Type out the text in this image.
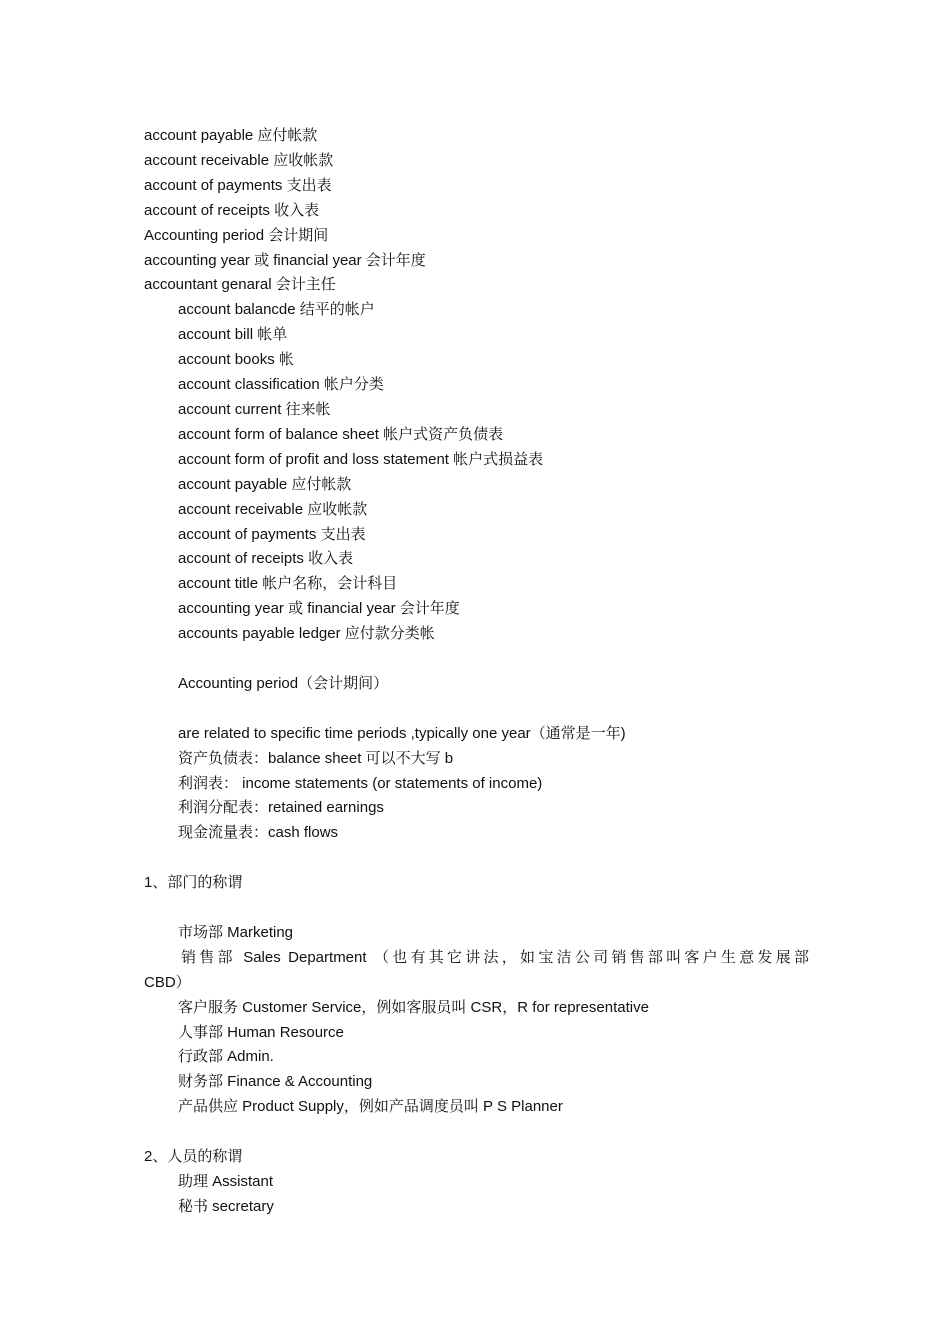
account payable 应付帐款
account receivable 应收帐款
account of payments 支出表
account of receipts 收入表
Accounting period 会计期间
accounting year 或 financial year 会计年度
accountant genaral 会计主任
account balancde 结平的帐户
account bill 帐单
account books 帐
account classification 帐户分类
account current 往来帐
account form of balance sheet 帐户式资产负债表
account form of profit and loss statement 帐户式损益表
account payable 应付帐款
account receivable 应收帐款
account of payments 支出表
account of receipts 收入表
account title 帐户名称，会计科目
accounting year 或 financial year 会计年度
accounts payable ledger 应付款分类帐
Accounting period（会计期间）
are related to specific time periods ,typically one year（通常是一年)
资产负债表：balance sheet 可以不大写 b
利润表： income statements (or statements of income)
利润分配表：retained earnings
现金流量表：cash flows
1、部门的称谓
市场部 Marketing
销售部 Sales Department （也有其它讲法，如宝洁公司销售部叫客户生意发展部
CBD）
客户服务 Customer Service，例如客服员叫 CSR，R for representative
人事部 Human Resource
行政部 Admin.
财务部 Finance & Accounting
产品供应 Product Supply，例如产品调度员叫 P S Planner
2、人员的称谓
助理 Assistant
秘书 secretary
